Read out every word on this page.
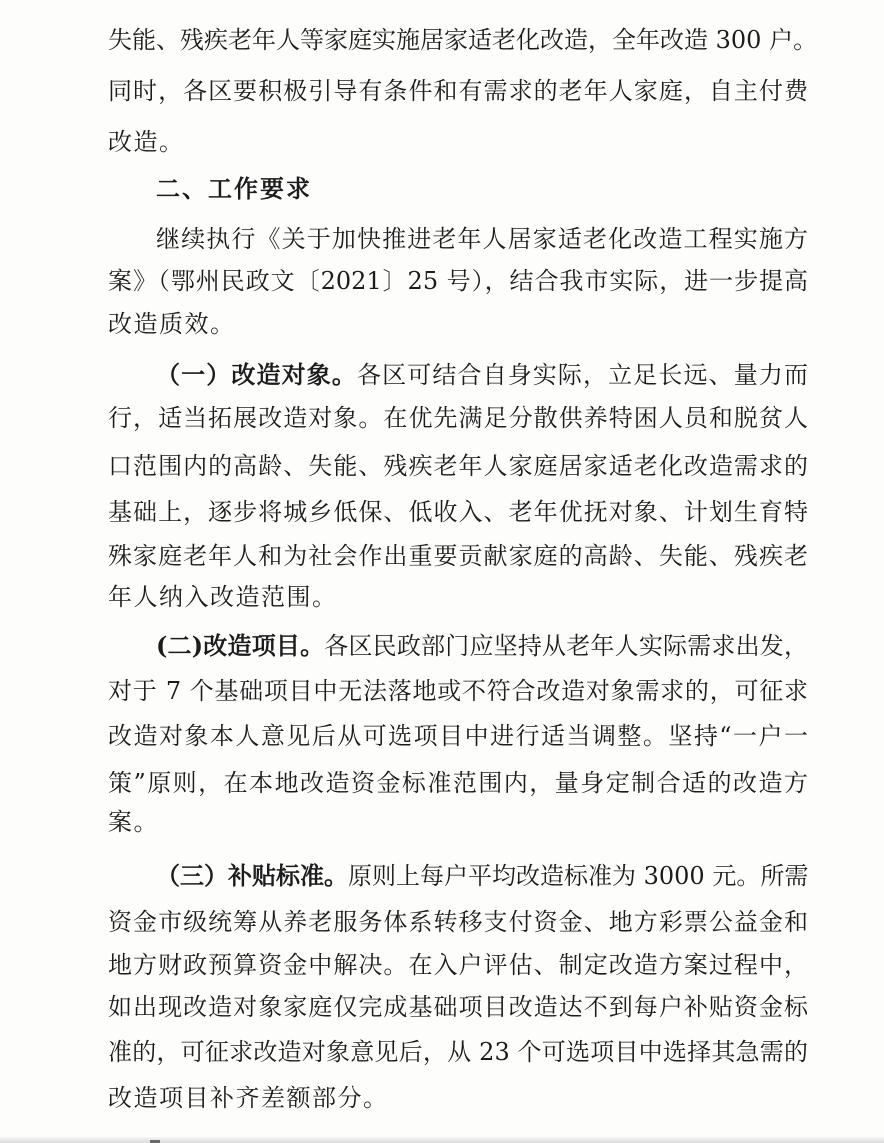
失能、残疾老年人等家庭实施居家适老化改造，全年改造 300 户。
同时，各区要积极引导有条件和有需求的老年人家庭，自主付费
改造。
二、工作要求
继续执行《关于加快推进老年人居家适老化改造工程实施方
案》（鄂州民政文〔2021〕25 号），结合我市实际，进一步提高
改造质效。
（一）改造对象。各区可结合自身实际，立足长远、量力而
行，适当拓展改造对象。在优先满足分散供养特困人员和脱贫人
口范围内的高龄、失能、残疾老年人家庭居家适老化改造需求的
基础上，逐步将城乡低保、低收入、老年优抚对象、计划生育特
殊家庭老年人和为社会作出重要贡献家庭的高龄、失能、残疾老
年人纳入改造范围。
(二)改造项目。各区民政部门应坚持从老年人实际需求出发，
对于 7 个基础项目中无法落地或不符合改造对象需求的，可征求
改造对象本人意见后从可选项目中进行适当调整。坚持“一户一
策”原则，在本地改造资金标准范围内，量身定制合适的改造方
案。
（三）补贴标准。原则上每户平均改造标准为 3000 元。所需
资金市级统筹从养老服务体系转移支付资金、地方彩票公益金和
地方财政预算资金中解决。在入户评估、制定改造方案过程中，
如出现改造对象家庭仅完成基础项目改造达不到每户补贴资金标
准的，可征求改造对象意见后，从 23 个可选项目中选择其急需的
改造项目补齐差额部分。
